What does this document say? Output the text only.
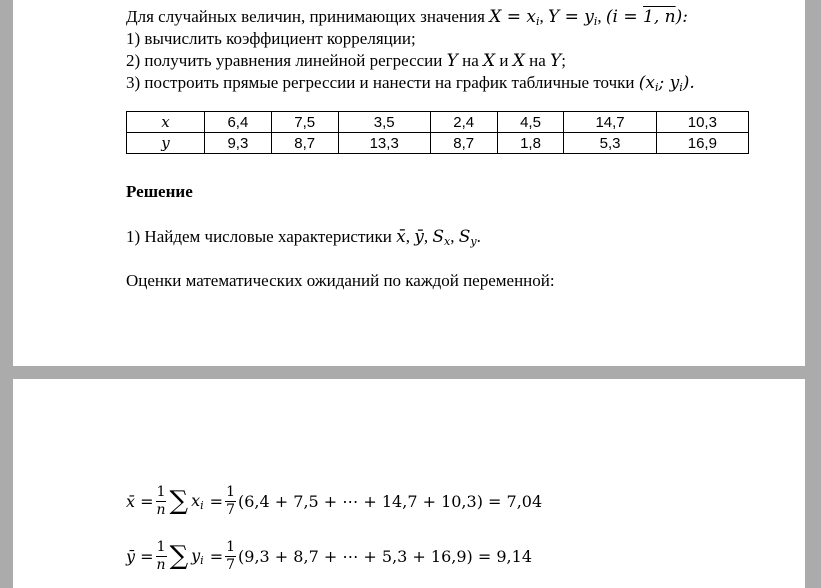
Для случайных величин, принимающих значения $X = x_i$, $Y = y_i$, (i = 1, n):
1) вычислить коэффициент корреляции;
2) получить уравнения линейной регрессии Y на X и X на Y;
3) построить прямые регрессии и нанести на график табличные точки ($x_i$; $y_i$).
x	6,4	7,5	3,5	2,4	4,5	14,7	10,3
y	9,3	8,7	13,3	8,7	1,8	5,3	16,9
Решение
1) Найдем числовые характеристики x̄, ȳ, $S_x$, $S_y$.
Оценки математических ожиданий по каждой переменной:
x̄ = $\frac{1}{n}$ ∑ $x_i = \frac{1}{7} (6,4 + 7,5$ + ⋯ + 14,7 + 10,3) = 7,04
ȳ = $\frac{1}{n}$ ∑ $y_i = \frac{1}{7} (9,3 + 8,7$ + ⋯ + 5,3 + 16,9) = 9,14
